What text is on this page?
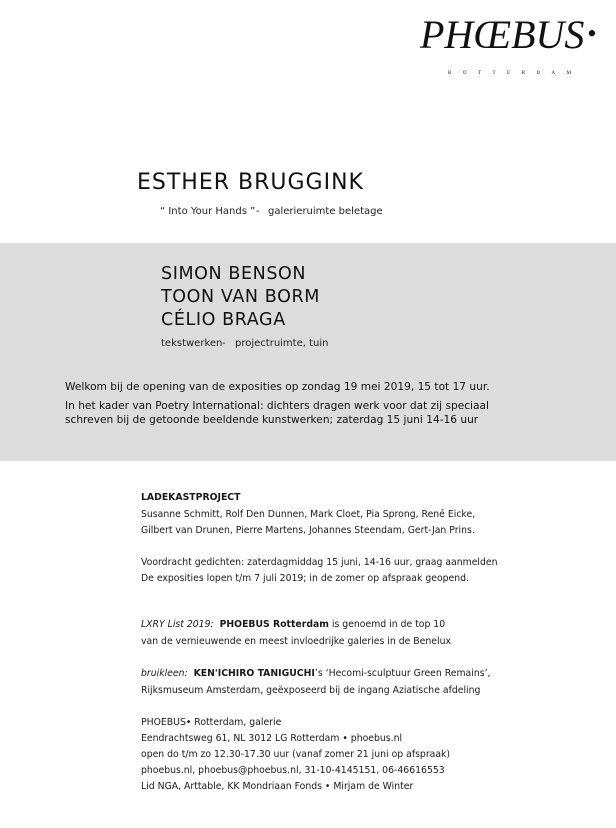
PHŒBUS •
ROTTERDAM
ESTHER BRUGGINK
“ Into Your Hands ” - galerieruimte beletage
SIMON BENSON
TOON VAN BORM
CÉLIO BRAGA
tekstwerken - projectruimte, tuin
Welkom bij de opening van de exposities op zondag 19 mei 2019, 15 tot 17 uur.
In het kader van Poetry International: dichters dragen werk voor dat zij speciaal
schreven bij de getoonde beeldende kunstwerken; zaterdag 15 juni 14-16 uur
LADEKASTPROJECT
Susanne Schmitt, Rolf Den Dunnen, Mark Cloet, Pia Sprong, René Eicke,
Gilbert van Drunen, Pierre Martens, Johannes Steendam, Gert-Jan Prins.
Voordracht gedichten: zaterdagmiddag 15 juni, 14-16 uur, graag aanmelden
De exposities lopen t/m 7 juli 2019; in de zomer op afspraak geopend.
LXRY List 2019: PHOEBUS Rotterdam is genoemd in de top 10
van de vernieuwende en meest invloedrijke galeries in de Benelux
bruikleen: KEN'ICHIRO TANIGUCHI’s ‘Hecomi-sculptuur Green Remains’,
Rijksmuseum Amsterdam, geëxposeerd bij de ingang Aziatische afdeling
PHOEBUS• Rotterdam, galerie
Eendrachtsweg 61, NL 3012 LG Rotterdam • phoebus.nl
open do t/m zo 12.30-17.30 uur (vanaf zomer 21 juni op afspraak)
phoebus.nl, phoebus@phoebus.nl, 31-10-4145151, 06-46616553
Lid NGA, Arttable, KK Mondriaan Fonds • Mirjam de Winter
